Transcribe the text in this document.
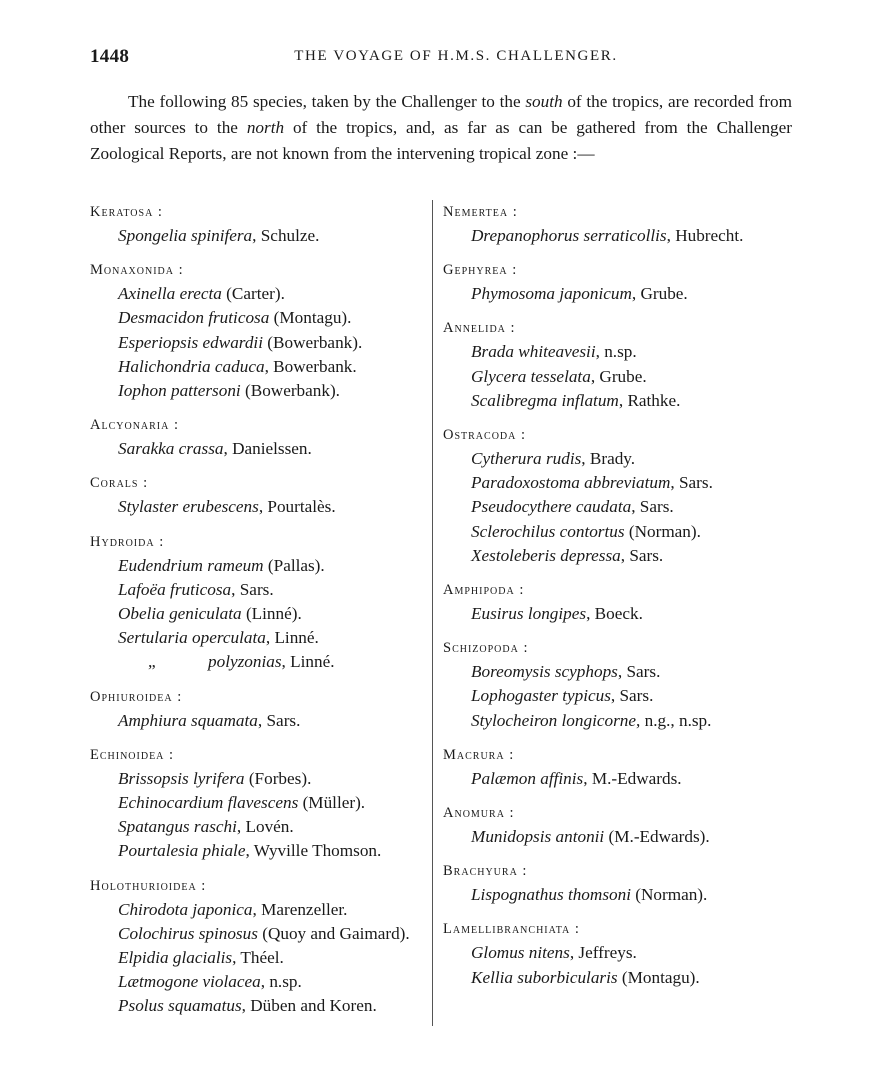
1448	THE VOYAGE OF H.M.S. CHALLENGER.

The following 85 species, taken by the Challenger to the south of the tropics, are recorded from other sources to the north of the tropics, and, as far as can be gathered from the Challenger Zoological Reports, are not known from the intervening tropical zone :—

Keratosa :

Spongelia spinifera, Schulze.

Monaxonida :

Axinella erecta (Carter).

Desmacidon fruticosa (Montagu).

Esperiopsis edwardii (Bowerbank).

Halichondria caduca, Bowerbank.

Iophon pattersoni (Bowerbank).

Alcyonaria :

Sarakka crassa, Danielssen.

Corals :

Stylaster erubescens, Pourtalès.

Hydroida :

Eudendrium rameum (Pallas).

Lafoëa fruticosa, Sars.

Obelia geniculata (Linné).

Sertularia operculata, Linné.

„	polyzonias, Linné.

Ophiuroidea :

Amphiura squamata, Sars.

Echinoidea :

Brissopsis lyrifera (Forbes).

Echinocardium flavescens (Müller).

Spatangus raschi, Lovén.

Pourtalesia phiale, Wyville Thomson.

Holothurioidea :

Chirodota japonica, Marenzeller.

Colochirus spinosus (Quoy and Gaimard).

Elpidia glacialis, Théel.

Lætmogone violacea, n.sp.

Psolus squamatus, Düben and Koren.

Nemertea :

Drepanophorus serraticollis, Hubrecht.

Gephyrea :

Phymosoma japonicum, Grube.

Annelida :

Brada whiteavesii, n.sp.

Glycera tesselata, Grube.

Scalibregma inflatum, Rathke.

Ostracoda :

Cytherura rudis, Brady.

Paradoxostoma abbreviatum, Sars.

Pseudocythere caudata, Sars.

Sclerochilus contortus (Norman).

Xestoleberis depressa, Sars.

Amphipoda :

Eusirus longipes, Boeck.

Schizopoda :

Boreomysis scyphops, Sars.

Lophogaster typicus, Sars.

Stylocheiron longicorne, n.g., n.sp.

Macrura :

Palæmon affinis, M.-Edwards.

Anomura :

Munidopsis antonii (M.-Edwards).

Brachyura :

Lispognathus thomsoni (Norman).

Lamellibranchiata :

Glomus nitens, Jeffreys.

Kellia suborbicularis (Montagu).
